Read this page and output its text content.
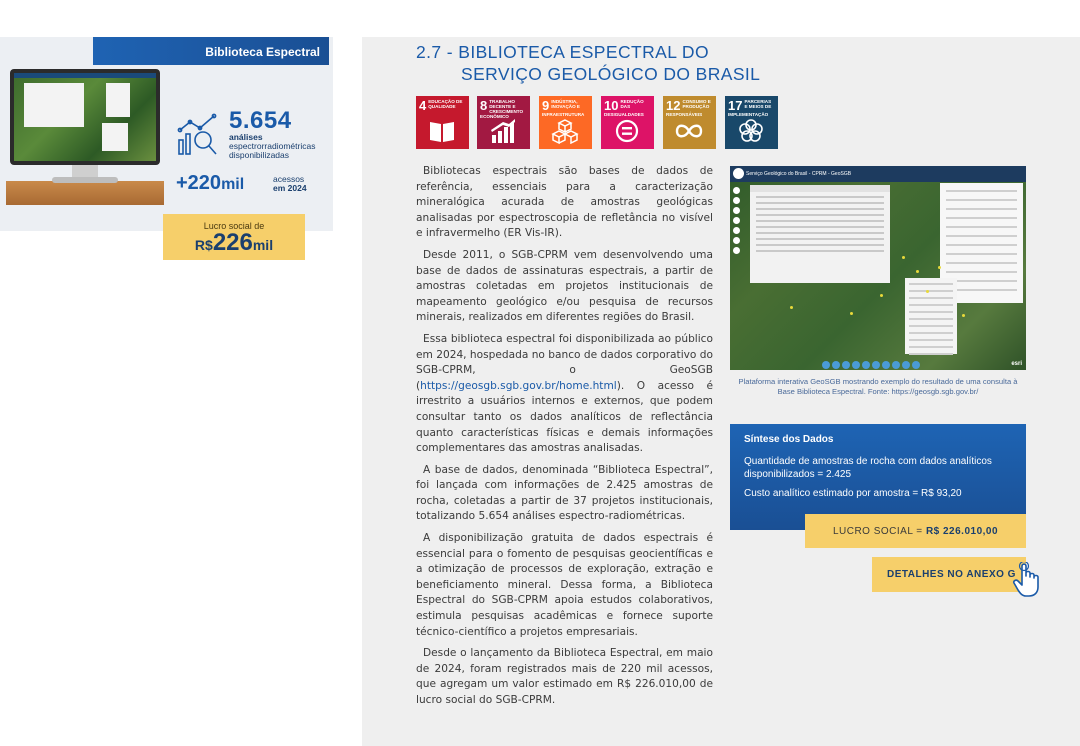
Biblioteca Espectral
5.654
análises
espectrorradiométricas disponibilizadas
+220mil	acessos
em 2024
Lucro social de
R$226mil
2.7 - BIBLIOTECA ESPECTRAL DO
SERVIÇO GEOLÓGICO DO BRASIL
4 EDUCAÇÃO DE QUALIDADE	8 TRABALHO DECENTE E CRESCIMENTO ECONÔMICO
9 INDÚSTRIA, INOVAÇÃO E INFRAESTRUTURA
10 REDUÇÃO DAS DESIGUALDADES
12 CONSUMO E PRODUÇÃO RESPONSÁVEIS
17 PARCERIAS E MEIOS DE IMPLEMENTAÇÃO

Bibliotecas espectrais são bases de dados de referência, essenciais para a caracterização mineralógica acurada de amostras geológicas analisadas por espectroscopia de refletância no visível e infravermelho (ER Vis-IR).

Desde 2011, o SGB-CPRM vem desenvolvendo uma base de dados de assinaturas espectrais, a partir de amostras coletadas em projetos institucionais de mapeamento geológico e/ou pesquisa de recursos minerais, realizados em diferentes regiões do Brasil.

Essa biblioteca espectral foi disponibilizada ao público em 2024, hospedada no banco de dados corporativo do SGB-CPRM, o GeoSGB (https://geosgb.sgb.gov.br/home.html). O acesso é irrestrito a usuários internos e externos, que podem consultar tanto os dados analíticos de reflectância quanto características físicas e demais informações complementares das amostras analisadas.

A base de dados, denominada “Biblioteca Espectral”, foi lançada com informações de 2.425 amostras de rocha, coletadas a partir de 37 projetos institucionais, totalizando 5.654 análises espectro-radiométricas.

A disponibilização gratuita de dados espectrais é essencial para o fomento de pesquisas geocientíficas e a otimização de processos de exploração, extração e beneficiamento mineral. Dessa forma, a Biblioteca Espectral do SGB-CPRM apoia estudos colaborativos, estimula pesquisas acadêmicas e fornece suporte técnico-científico a projetos empresariais.

Desde o lançamento da Biblioteca Espectral, em maio de 2024, foram registrados mais de 220 mil acessos, que agregam um valor estimado em R$ 226.010,00 de lucro social do SGB-CPRM.

Serviço Geológico do Brasil - CPRM - GeoSGB
esri
Plataforma interativa GeoSGB mostrando exemplo do resultado de uma consulta à Base Biblioteca Espectral. Fonte: https://geosgb.sgb.gov.br/
Síntese dos Dados

Quantidade de amostras de rocha com dados analíticos disponibilizados = 2.425

Custo analítico estimado por amostra = R$ 93,20

LUCRO SOCIAL = R$ 226.010,00
DETALHES NO ANEXO G
